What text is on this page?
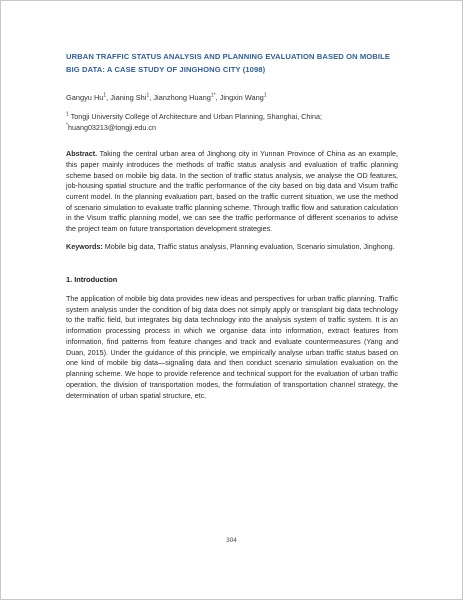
URBAN TRAFFIC STATUS ANALYSIS AND PLANNING EVALUATION BASED ON MOBILE BIG DATA: A CASE STUDY OF JINGHONG CITY (1098)
Gangyu Hu$^1$, Jianing Shi$^1$, Jianzhong Huang$^{1*}$, Jingxin Wang$^1$
$^1$ Tongji University College of Architecture and Urban Planning, Shanghai, China;
*huang03213@tongji.edu.cn

Abstract. Taking the central urban area of Jinghong city in Yunnan Province of China as an example, this paper mainly introduces the methods of traffic status analysis and evaluation of traffic planning scheme based on mobile big data. In the section of traffic status analysis, we analyse the OD features, job-housing spatial structure and the traffic performance of the city based on big data and Visum traffic current model. In the planning evaluation part, based on the traffic current situation, we use the method of scenario simulation to evaluate traffic planning scheme. Through traffic flow and saturation calculation in the Visum traffic planning model, we can see the traffic performance of different scenarios to advise the project team on future transportation development strategies.

Keywords: Mobile big data, Traffic status analysis, Planning evaluation, Scenario simulation, Jinghong.

1. Introduction

The application of mobile big data provides new ideas and perspectives for urban traffic planning. Traffic system analysis under the condition of big data does not simply apply or transplant big data technology to the traffic field, but integrates big data technology into the analysis system of traffic system. It is an information processing process in which we organise data into information, extract features from information, find patterns from feature changes and track and evaluate countermeasures (Yang and Duan, 2015). Under the guidance of this principle, we empirically analyse urban traffic status based on one kind of mobile big data—signaling data and then conduct scenario simulation evaluation on the planning scheme. We hope to provide reference and technical support for the evaluation of urban traffic operation, the division of transportation modes, the formulation of transportation channel strategy, the determination of urban spatial structure, etc.

304
